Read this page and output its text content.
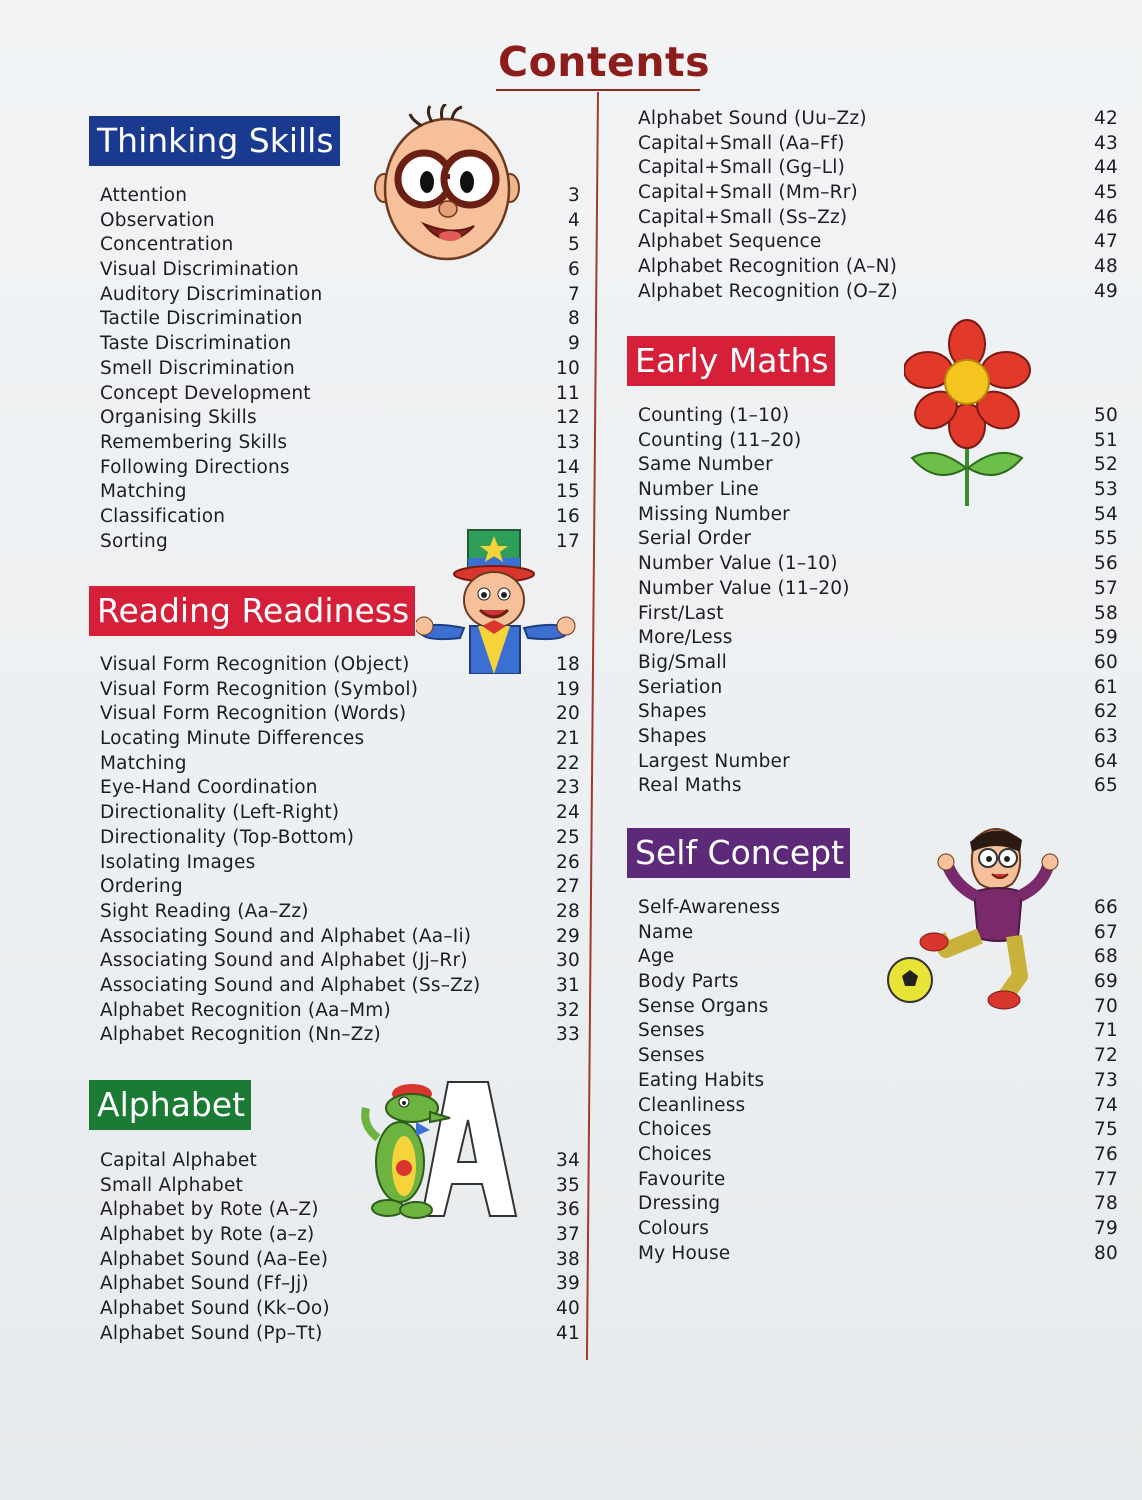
Contents
Thinking Skills
Attention	3
Observation	4
Concentration	5
Visual Discrimination	6
Auditory Discrimination	7
Tactile Discrimination	8
Taste Discrimination	9
Smell Discrimination	10
Concept Development	11
Organising Skills	12
Remembering Skills	13
Following Directions	14
Matching	15
Classification	16
Sorting	17
Reading Readiness
Visual Form Recognition (Object)	18
Visual Form Recognition (Symbol)	19
Visual Form Recognition (Words)	20
Locating Minute Differences	21
Matching	22
Eye-Hand Coordination	23
Directionality (Left-Right)	24
Directionality (Top-Bottom)	25
Isolating Images	26
Ordering	27
Sight Reading (Aa–Zz)	28
Associating Sound and Alphabet (Aa–Ii)	29
Associating Sound and Alphabet (Jj–Rr)	30
Associating Sound and Alphabet (Ss–Zz)	31
Alphabet Recognition (Aa–Mm)	32
Alphabet Recognition (Nn–Zz)	33
Alphabet
Capital Alphabet	34
Small Alphabet	35
Alphabet by Rote (A–Z)	36
Alphabet by Rote (a–z)	37
Alphabet Sound (Aa–Ee)	38
Alphabet Sound (Ff–Jj)	39
Alphabet Sound (Kk–Oo)	40
Alphabet Sound (Pp–Tt)	41
Alphabet Sound (Uu–Zz)	42
Capital+Small (Aa–Ff)	43
Capital+Small (Gg–Ll)	44
Capital+Small (Mm–Rr)	45
Capital+Small (Ss–Zz)	46
Alphabet Sequence	47
Alphabet Recognition (A–N)	48
Alphabet Recognition (O–Z)	49
Early Maths
Counting (1–10)	50
Counting (11–20)	51
Same Number	52
Number Line	53
Missing Number	54
Serial Order	55
Number Value (1–10)	56
Number Value (11–20)	57
First/Last	58
More/Less	59
Big/Small	60
Seriation	61
Shapes	62
Shapes	63
Largest Number	64
Real Maths	65
Self Concept
Self-Awareness	66
Name	67
Age	68
Body Parts	69
Sense Organs	70
Senses	71
Senses	72
Eating Habits	73
Cleanliness	74
Choices	75
Choices	76
Favourite	77
Dressing	78
Colours	79
My House	80
